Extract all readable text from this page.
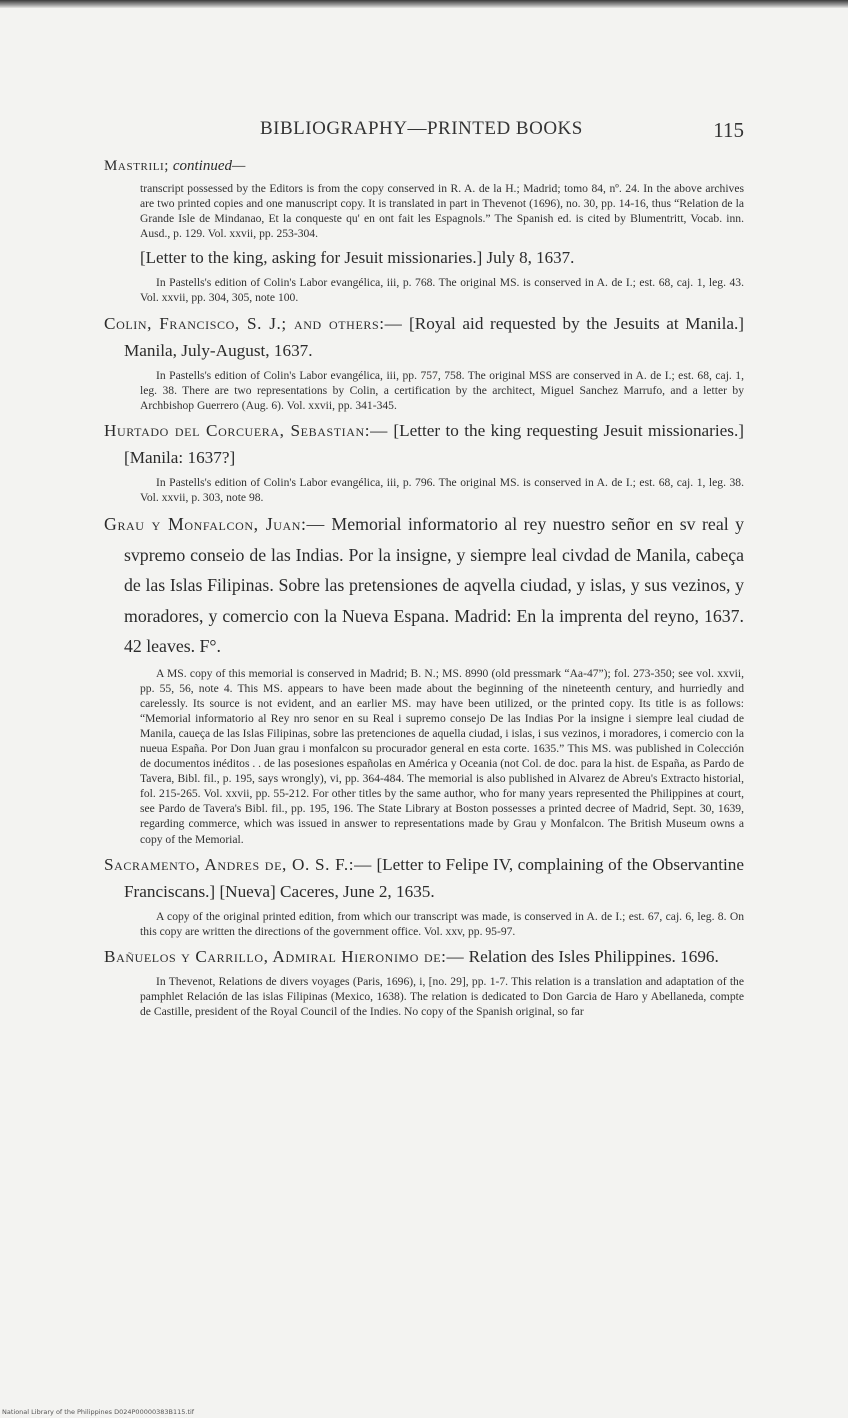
BIBLIOGRAPHY—PRINTED BOOKS	115

Mastrili; continued—

transcript possessed by the Editors is from the copy conserved in R. A. de la H.; Madrid; tomo 84, nº. 24. In the above archives are two printed copies and one manuscript copy. It is translated in part in Thevenot (1696), no. 30, pp. 14-16, thus “Relation de la Grande Isle de Mindanao, Et la conqueste qu' en ont fait les Espagnols.” The Spanish ed. is cited by Blumentritt, Vocab. inn. Ausd., p. 129. Vol. xxvii, pp. 253-304.

[Letter to the king, asking for Jesuit missionaries.] July 8, 1637.

In Pastells's edition of Colin's Labor evangélica, iii, p. 768. The original MS. is conserved in A. de I.; est. 68, caj. 1, leg. 43. Vol. xxvii, pp. 304, 305, note 100.

Colin, Francisco, S. J.; and others:— [Royal aid requested by the Jesuits at Manila.] Manila, July-August, 1637.

In Pastells's edition of Colin's Labor evangélica, iii, pp. 757, 758. The original MSS are conserved in A. de I.; est. 68, caj. 1, leg. 38. There are two representations by Colin, a certification by the architect, Miguel Sanchez Marrufo, and a letter by Archbishop Guerrero (Aug. 6). Vol. xxvii, pp. 341-345.

Hurtado del Corcuera, Sebastian:— [Letter to the king requesting Jesuit missionaries.] [Manila: 1637?]

In Pastells's edition of Colin's Labor evangélica, iii, p. 796. The original MS. is conserved in A. de I.; est. 68, caj. 1, leg. 38. Vol. xxvii, p. 303, note 98.

Grau y Monfalcon, Juan:— Memorial informatorio al rey nuestro señor en sv real y svpremo conseio de las Indias. Por la insigne, y siempre leal civdad de Manila, cabeça de las Islas Filipinas. Sobre las pretensiones de aqvella ciudad, y islas, y sus vezinos, y moradores, y comercio con la Nueva Espana. Madrid: En la imprenta del reyno, 1637. 42 leaves. F°.

A MS. copy of this memorial is conserved in Madrid; B. N.; MS. 8990 (old pressmark “Aa-47”); fol. 273-350; see vol. xxvii, pp. 55, 56, note 4. This MS. appears to have been made about the beginning of the nineteenth century, and hurriedly and carelessly. Its source is not evident, and an earlier MS. may have been utilized, or the printed copy. Its title is as follows: “Memorial informatorio al Rey nro senor en su Real i supremo consejo De las Indias Por la insigne i siempre leal ciudad de Manila, caueça de las Islas Filipinas, sobre las pretenciones de aquella ciudad, i islas, i sus vezinos, i moradores, i comercio con la nueua España. Por Don Juan grau i monfalcon su procurador general en esta corte. 1635.” This MS. was published in Colección de documentos inéditos . . de las posesiones españolas en América y Oceania (not Col. de doc. para la hist. de España, as Pardo de Tavera, Bibl. fil., p. 195, says wrongly), vi, pp. 364-484. The memorial is also published in Alvarez de Abreu's Extracto historial, fol. 215-265. Vol. xxvii, pp. 55-212. For other titles by the same author, who for many years represented the Philippines at court, see Pardo de Tavera's Bibl. fil., pp. 195, 196. The State Library at Boston possesses a printed decree of Madrid, Sept. 30, 1639, regarding commerce, which was issued in answer to representations made by Grau y Monfalcon. The British Museum owns a copy of the Memorial.

Sacramento, Andres de, O. S. F.:— [Letter to Felipe IV, complaining of the Observantine Franciscans.] [Nueva] Caceres, June 2, 1635.

A copy of the original printed edition, from which our transcript was made, is conserved in A. de I.; est. 67, caj. 6, leg. 8. On this copy are written the directions of the government office. Vol. xxv, pp. 95-97.

Bañuelos y Carrillo, Admiral Hieronimo de:— Relation des Isles Philippines. 1696.

In Thevenot, Relations de divers voyages (Paris, 1696), i, [no. 29], pp. 1-7. This relation is a translation and adaptation of the pamphlet Relación de las islas Filipinas (Mexico, 1638). The relation is dedicated to Don Garcia de Haro y Abellaneda, compte de Castille, president of the Royal Council of the Indies. No copy of the Spanish original, so far

National Library of the Philippines D024P00000383B115.tif
